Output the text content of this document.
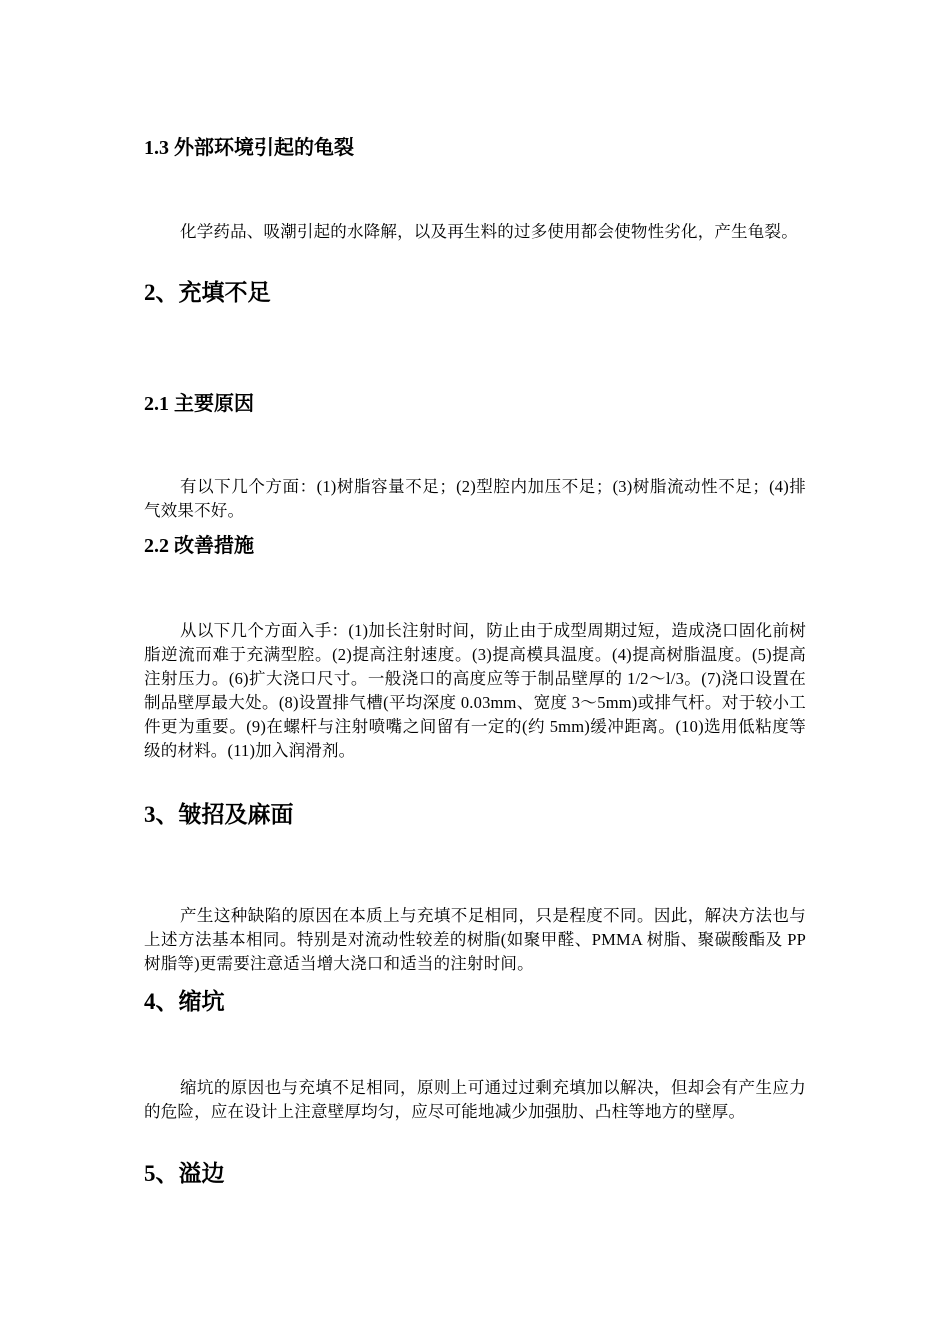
1.3 外部环境引起的龟裂

化学药品、吸潮引起的水降解，以及再生料的过多使用都会使物性劣化，产生龟裂。

2、充填不足
2.1 主要原因

有以下几个方面：(1)树脂容量不足；(2)型腔内加压不足；(3)树脂流动性不足；(4)排气效果不好。

2.2 改善措施

从以下几个方面入手：(1)加长注射时间，防止由于成型周期过短，造成浇口固化前树脂逆流而难于充满型腔。(2)提高注射速度。(3)提高模具温度。(4)提高树脂温度。(5)提高注射压力。(6)扩大浇口尺寸。一般浇口的高度应等于制品壁厚的 1/2～l/3。(7)浇口设置在制品壁厚最大处。(8)设置排气槽(平均深度 0.03mm、宽度 3～5mm)或排气杆。对于较小工件更为重要。(9)在螺杆与注射喷嘴之间留有一定的(约 5mm)缓冲距离。(10)选用低粘度等级的材料。(11)加入润滑剂。

3、皱招及麻面

产生这种缺陷的原因在本质上与充填不足相同，只是程度不同。因此，解决方法也与上述方法基本相同。特别是对流动性较差的树脂(如聚甲醛、PMMA 树脂、聚碳酸酯及 PP 树脂等)更需要注意适当增大浇口和适当的注射时间。

4、缩坑

缩坑的原因也与充填不足相同，原则上可通过过剩充填加以解决，但却会有产生应力的危险，应在设计上注意壁厚均匀，应尽可能地减少加强肋、凸柱等地方的壁厚。

5、溢边
